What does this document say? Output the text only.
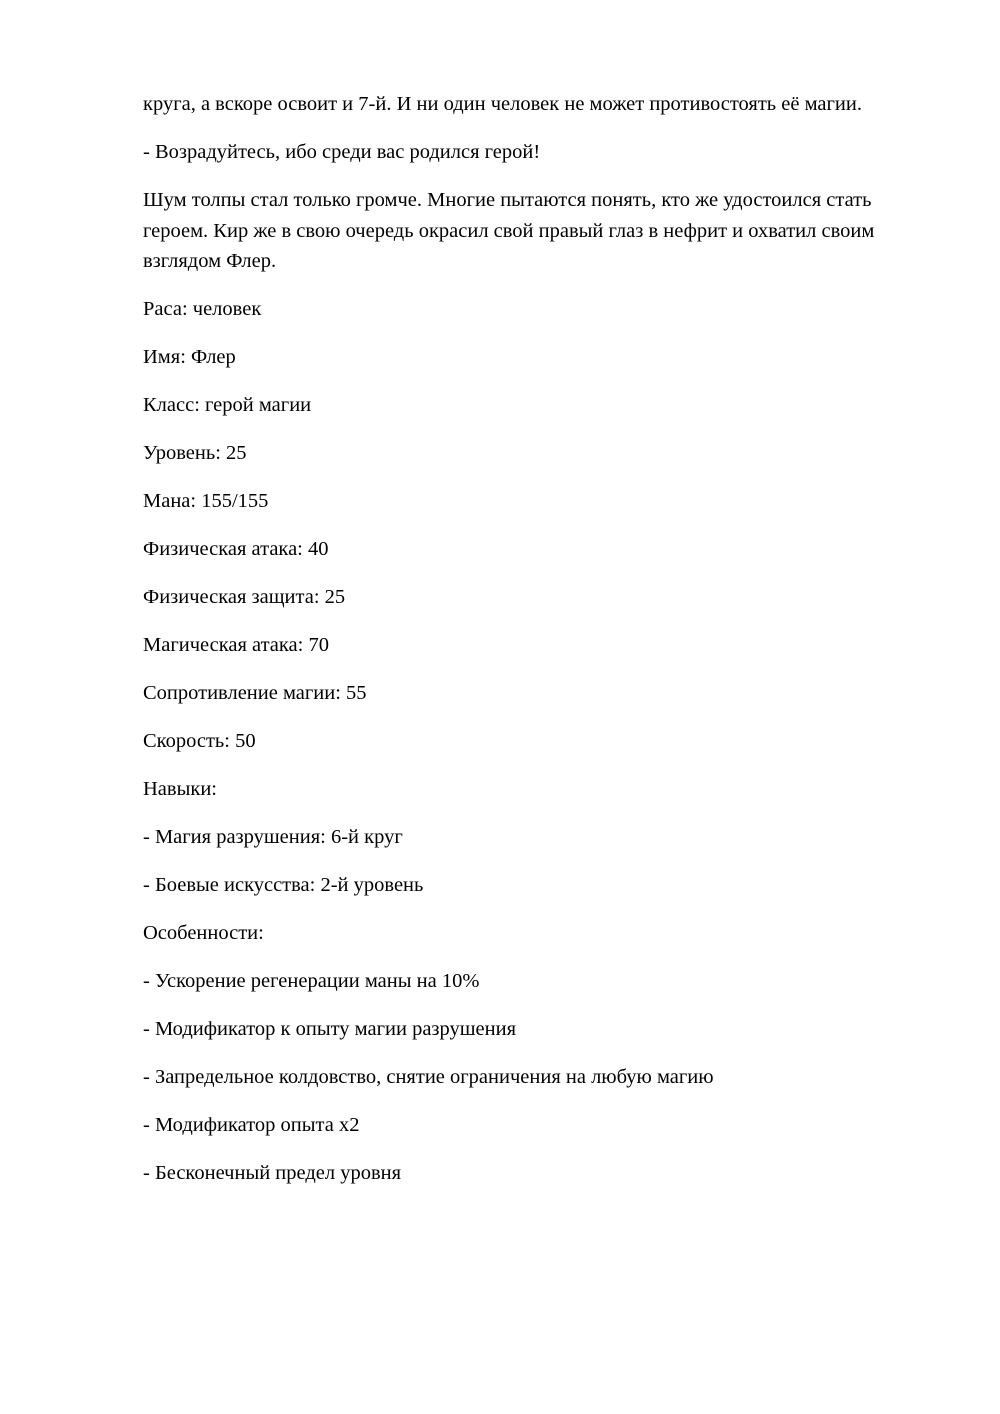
круга, а вскоре освоит и 7-й. И ни один человек не может противостоять её магии.

- Возрадуйтесь, ибо среди вас родился герой!

Шум толпы стал только громче. Многие пытаются понять, кто же удостоился стать героем. Кир же в свою очередь окрасил свой правый глаз в нефрит и охватил своим взглядом Флер.

Раса: человек

Имя: Флер

Класс: герой магии

Уровень: 25

Мана: 155/155

Физическая атака: 40

Физическая защита: 25

Магическая атака: 70

Сопротивление магии: 55

Скорость: 50

Навыки:

- Магия разрушения: 6-й круг

- Боевые искусства: 2-й уровень

Особенности:

- Ускорение регенерации маны на 10%

- Модификатор к опыту магии разрушения

- Запредельное колдовство, снятие ограничения на любую магию

- Модификатор опыта x2

- Бесконечный предел уровня
